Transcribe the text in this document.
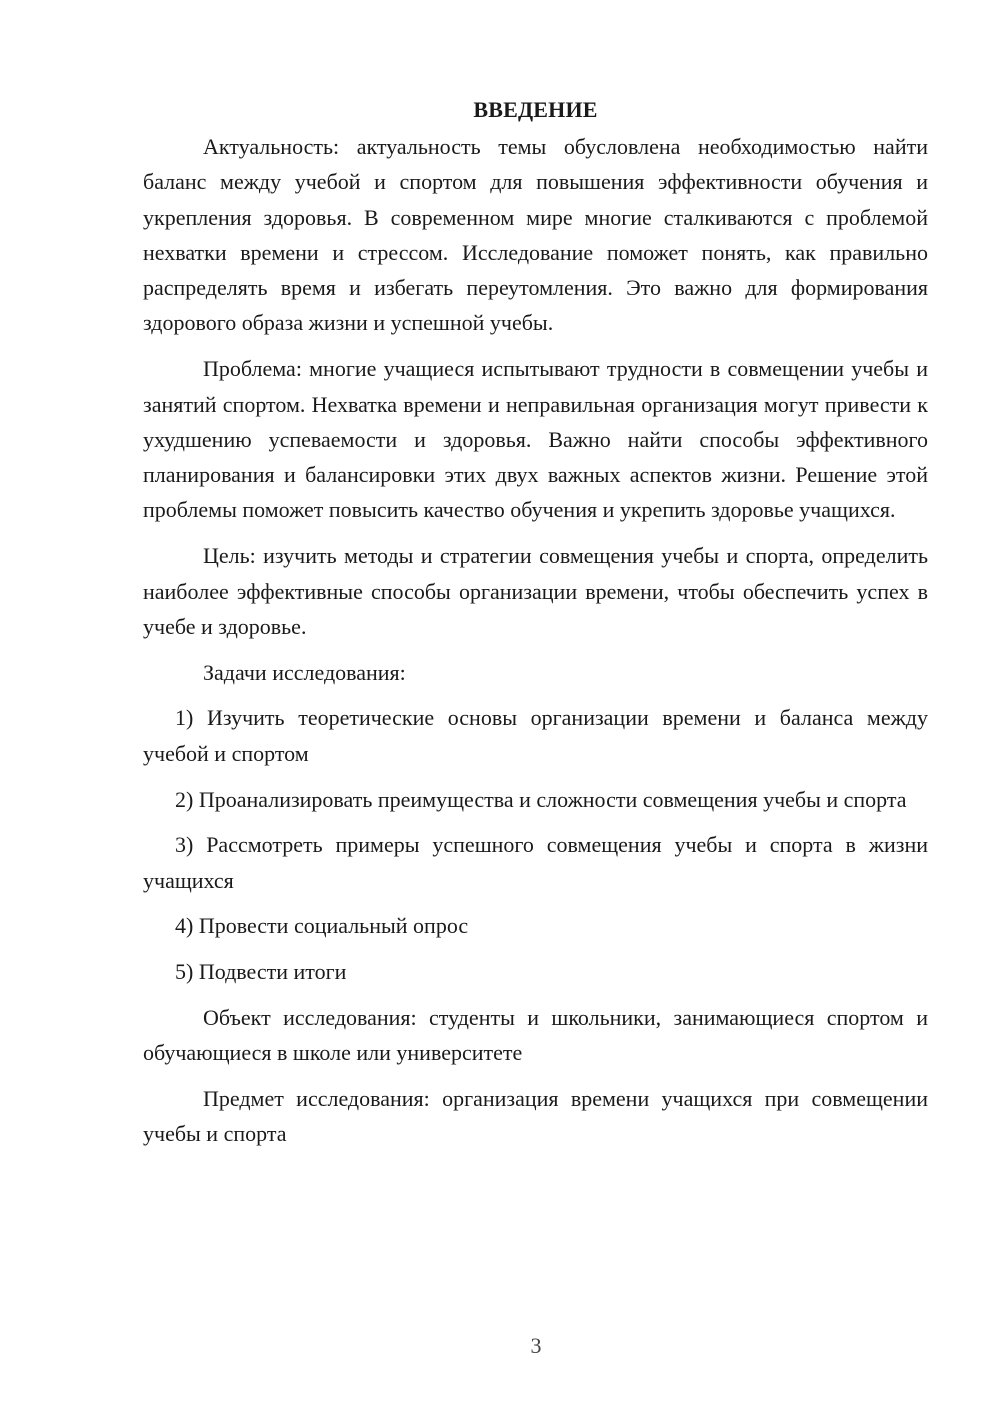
ВВЕДЕНИЕ

Актуальность: актуальность темы обусловлена необходимостью найти баланс между учебой и спортом для повышения эффективности обучения и укрепления здоровья. В современном мире многие сталкиваются с проблемой нехватки времени и стрессом. Исследование поможет понять, как правильно распределять время и избегать переутомления. Это важно для формирования здорового образа жизни и успешной учебы.

Проблема: многие учащиеся испытывают трудности в совмещении учебы и занятий спортом. Нехватка времени и неправильная организация могут привести к ухудшению успеваемости и здоровья. Важно найти способы эффективного планирования и балансировки этих двух важных аспектов жизни. Решение этой проблемы поможет повысить качество обучения и укрепить здоровье учащихся.

Цель: изучить методы и стратегии совмещения учебы и спорта, определить наиболее эффективные способы организации времени, чтобы обеспечить успех в учебе и здоровье.

Задачи исследования:

1) Изучить теоретические основы организации времени и баланса между учебой и спортом

2) Проанализировать преимущества и сложности совмещения учебы и спорта

3) Рассмотреть примеры успешного совмещения учебы и спорта в жизни учащихся

4) Провести социальный опрос

5) Подвести итоги

Объект исследования: студенты и школьники, занимающиеся спортом и обучающиеся в школе или университете

Предмет исследования: организация времени учащихся при совмещении учебы и спорта

3
